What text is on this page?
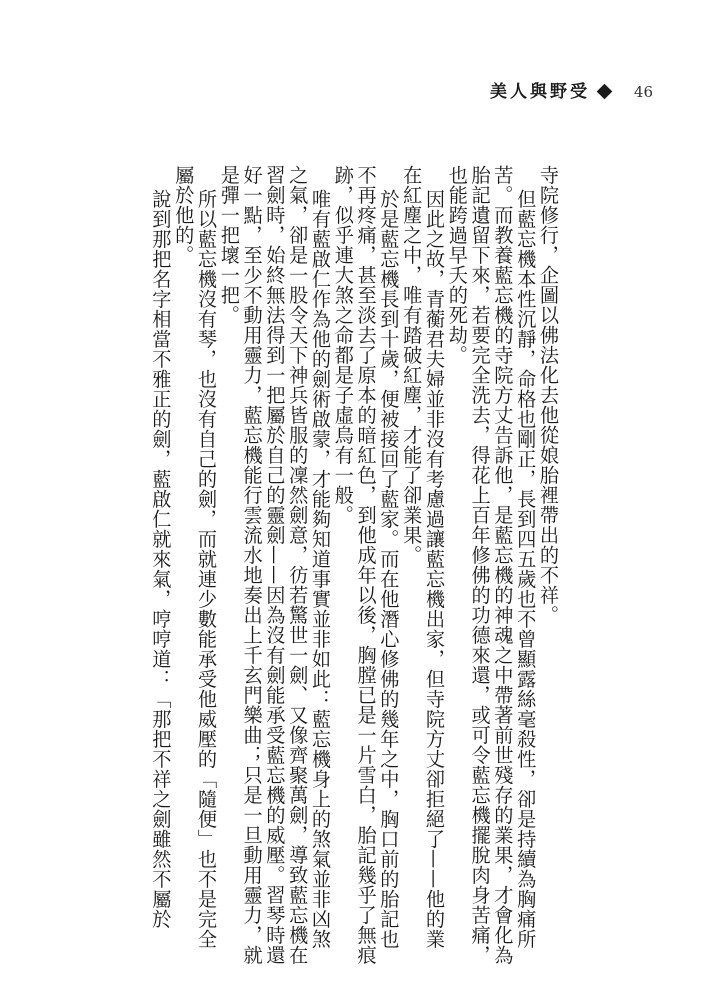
美人與野受	46
寺院修行，企圖以佛法化去他從娘胎裡帶出的不祥。
但藍忘機本性沉靜，命格也剛正，長到四五歲也不曾顯露絲毫殺性，卻是持續為胸痛所
苦。而教養藍忘機的寺院方丈告訴他，是藍忘機的神魂之中帶著前世殘存的業果，才會化為
胎記遺留下來，若要完全洗去，得花上百年修佛的功德來還，或可令藍忘機擺脫肉身苦痛，
也能跨過早夭的死劫。
因此之故，青蘅君夫婦並非沒有考慮過讓藍忘機出家，但寺院方丈卻拒絕了——他的業
在紅塵之中，唯有踏破紅塵，才能了卻業果。
於是藍忘機長到十歲，便被接回了藍家。而在他潛心修佛的幾年之中，胸口前的胎記也
不再疼痛，甚至淡去了原本的暗紅色，到他成年以後，胸膛已是一片雪白，胎記幾乎了無痕
跡，似乎連大煞之命都是子虛烏有一般。
唯有藍啟仁作為他的劍術啟蒙，才能夠知道事實並非如此：藍忘機身上的煞氣並非凶煞
之氣，卻是一股令天下神兵皆服的凜然劍意，彷若驚世一劍、又像齊聚萬劍，導致藍忘機在
習劍時，始終無法得到一把屬於自己的靈劍——因為沒有劍能承受藍忘機的威壓。習琴時還
好一點，至少不動用靈力，藍忘機能行雲流水地奏出上千玄門樂曲；只是一旦動用靈力，就
是彈一把壞一把。
所以藍忘機沒有琴，也沒有自己的劍，而就連少數能承受他威壓的「隨便」也不是完全
屬於他的。
說到那把名字相當不雅正的劍，藍啟仁就來氣，哼哼道：「那把不祥之劍雖然不屬於
